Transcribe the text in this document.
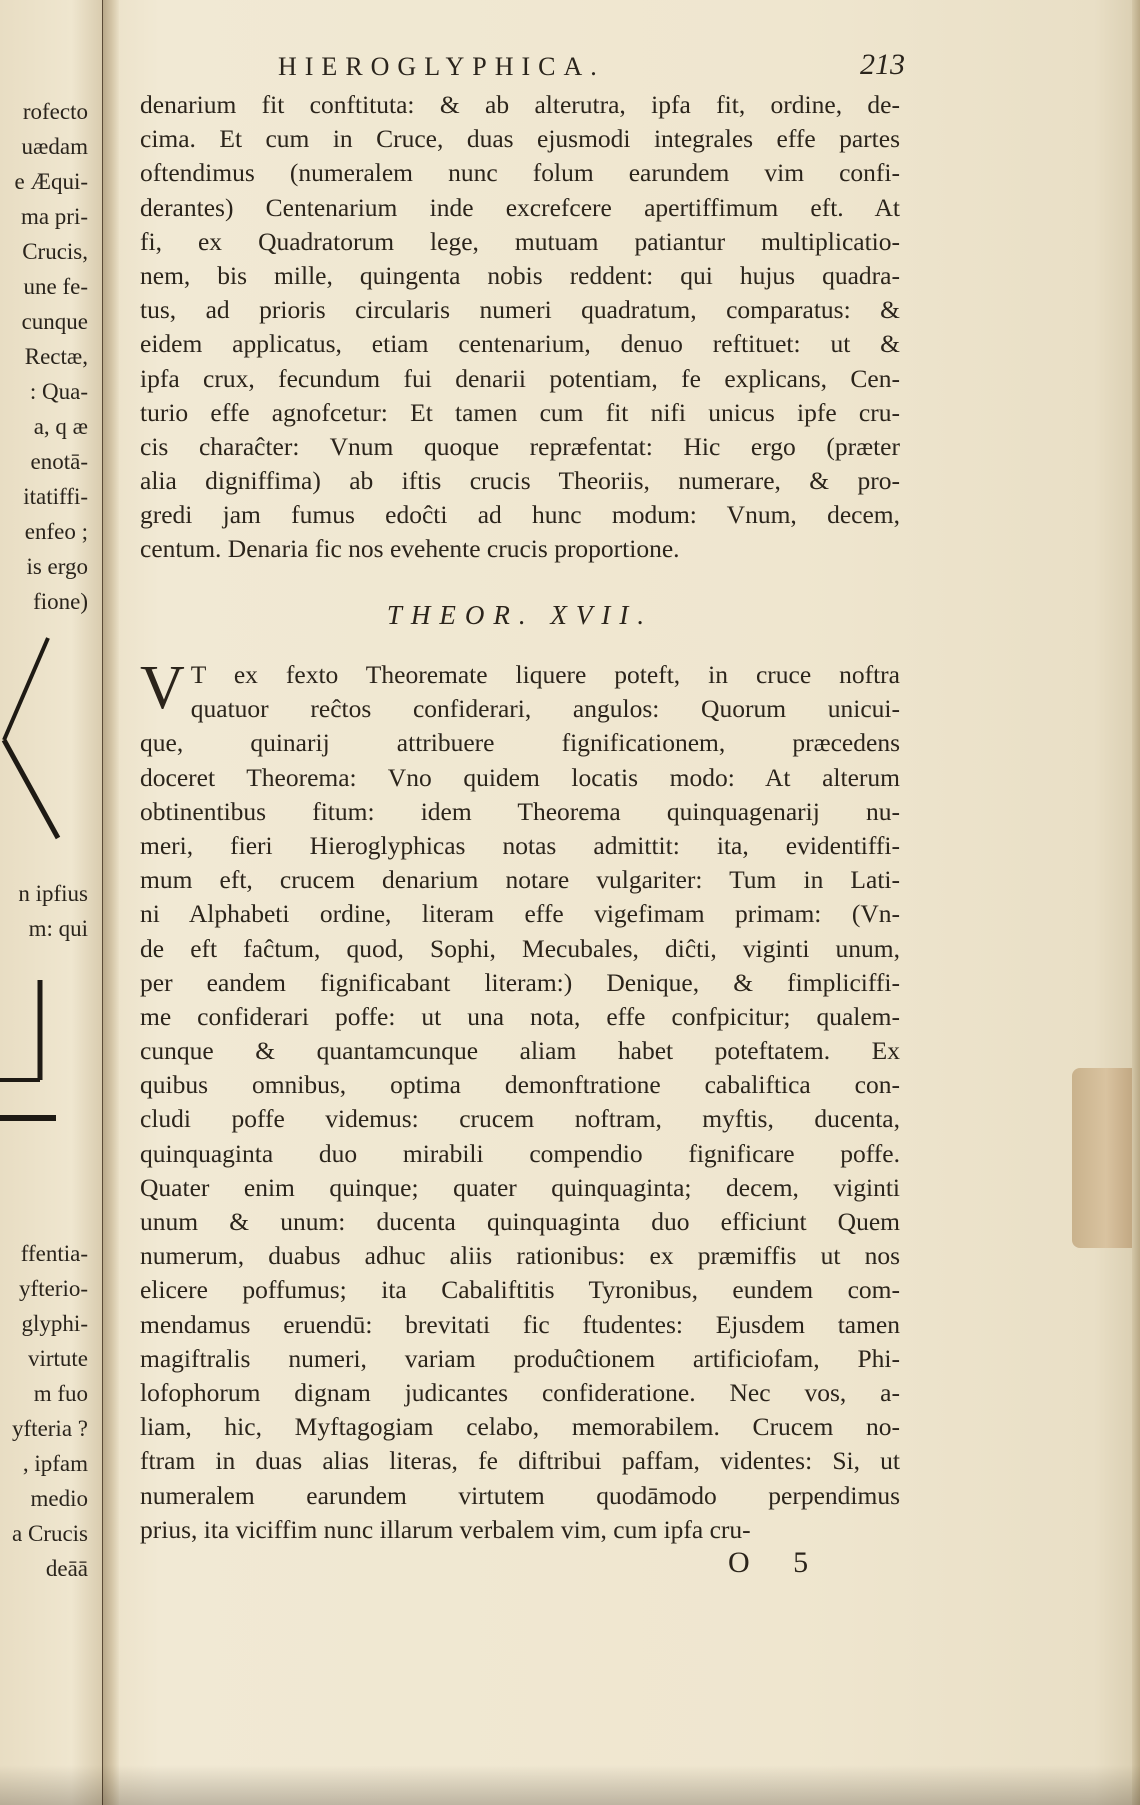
rofecto
uædam
e Æqui-
ma pri-
Crucis,
une fe-
cunque
Rectæ,
: Qua-
a, q æ
enotā-
itatiffi-
enfeo ;
is ergo
fione)
n ipfius
m: qui
ffentia-
yfterio-
glyphi-
virtute
m fuo
yfteria ?
, ipfam
medio
a Crucis
deāā
HIEROGLYPHICA.	213
denarium fit conftituta: & ab alterutra, ipfa fit, ordine, de-
cima. Et cum in Cruce, duas ejusmodi integrales effe partes
oftendimus (numeralem nunc folum earundem vim confi-
derantes) Centenarium inde excrefcere apertiffimum eft. At
fi, ex Quadratorum lege, mutuam patiantur multiplicatio-
nem, bis mille, quingenta nobis reddent: qui hujus quadra-
tus, ad prioris circularis numeri quadratum, comparatus: &
eidem applicatus, etiam centenarium, denuo reftituet: ut &
ipfa crux, fecundum fui denarii potentiam, fe explicans, Cen-
turio effe agnofcetur: Et tamen cum fit nifi unicus ipfe cru-
cis charaĉter: Vnum quoque repræfentat: Hic ergo (præter
alia digniffima) ab iftis crucis Theoriis, numerare, & pro-
gredi jam fumus edoĉti ad hunc modum: Vnum, decem,
centum. Denaria fic nos evehente crucis proportione.
THEOR. XVII.
V T ex fexto Theoremate liquere poteft, in cruce noftra
quatuor reĉtos confiderari, angulos: Quorum unicui-
que, quinarij attribuere fignificationem, præcedens
doceret Theorema: Vno quidem locatis modo: At alterum
obtinentibus fitum: idem Theorema quinquagenarij nu-
meri, fieri Hieroglyphicas notas admittit: ita, evidentiffi-
mum eft, crucem denarium notare vulgariter: Tum in Lati-
ni Alphabeti ordine, literam effe vigefimam primam: (Vn-
de eft faĉtum, quod, Sophi, Mecubales, diĉti, viginti unum,
per eandem fignificabant literam:) Denique, & fimpliciffi-
me confiderari poffe: ut una nota, effe confpicitur; qualem-
cunque & quantamcunque aliam habet poteftatem. Ex
quibus omnibus, optima demonftratione cabaliftica con-
cludi poffe videmus: crucem noftram, myftis, ducenta,
quinquaginta duo mirabili compendio fignificare poffe.
Quater enim quinque; quater quinquaginta; decem, viginti
unum & unum: ducenta quinquaginta duo efficiunt Quem
numerum, duabus adhuc aliis rationibus: ex præmiffis ut nos
elicere poffumus; ita Cabaliftitis Tyronibus, eundem com-
mendamus eruendū: brevitati fic ftudentes: Ejusdem tamen
magiftralis numeri, variam produĉtionem artificiofam, Phi-
lofophorum dignam judicantes confideratione. Nec vos, a-
liam, hic, Myftagogiam celabo, memorabilem. Crucem no-
ftram in duas alias literas, fe diftribui paffam, videntes: Si, ut
numeralem earundem virtutem quodāmodo perpendimus
prius, ita viciffim nunc illarum verbalem vim, cum ipfa cru-
O 5
